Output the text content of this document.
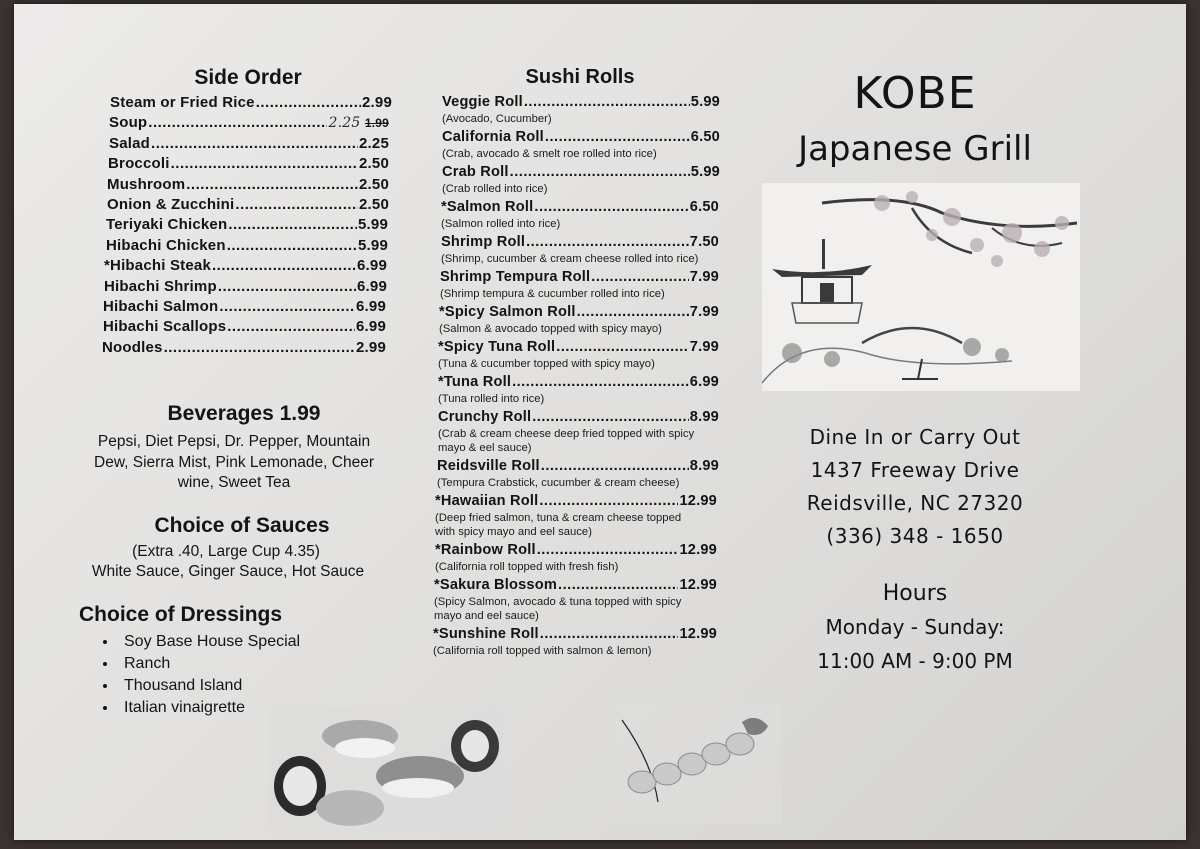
Side Order
Steam or Fried Rice .....	2.99
Soup .....	2.25 1.99
Salad .....	2.25
Broccoli .....	2.50
Mushroom .....	2.50
Onion & Zucchini .....	2.50
Teriyaki Chicken .....	5.99
Hibachi Chicken .....	5.99
*Hibachi Steak .....	6.99
Hibachi Shrimp .....	6.99
Hibachi Salmon .....	6.99
Hibachi Scallops .....	6.99
Noodles .....	2.99
Beverages 1.99
Pepsi, Diet Pepsi, Dr. Pepper, Mountain Dew, Sierra Mist, Pink Lemonade, Cheer wine, Sweet Tea
Choice of Sauces
(Extra .40, Large Cup 4.35)
White Sauce, Ginger Sauce, Hot Sauce
Choice of Dressings
• Soy Base House Special
• Ranch
• Thousand Island
• Italian vinaigrette
Sushi Rolls
Veggie Roll .....	5.99
(Avocado, Cucumber)
California Roll .....	6.50
(Crab, avocado & smelt roe rolled into rice)
Crab Roll .....	5.99
(Crab rolled into rice)
*Salmon Roll .....	6.50
(Salmon rolled into rice)
Shrimp Roll .....	7.50
(Shrimp, cucumber & cream cheese rolled into rice)
Shrimp Tempura Roll .....	7.99
(Shrimp tempura & cucumber rolled into rice)
*Spicy Salmon Roll .....	7.99
(Salmon & avocado topped with spicy mayo)
*Spicy Tuna Roll .....	7.99
(Tuna & cucumber topped with spicy mayo)
*Tuna Roll .....	6.99
(Tuna rolled into rice)
Crunchy Roll .....	8.99
(Crab & cream cheese deep fried topped with spicy mayo & eel sauce)
Reidsville Roll .....	8.99
(Tempura Crabstick, cucumber & cream cheese)
*Hawaiian Roll .....	12.99
(Deep fried salmon, tuna & cream cheese topped with spicy mayo and eel sauce)
*Rainbow Roll .....	12.99
(California roll topped with fresh fish)
*Sakura Blossom .....	12.99
(Spicy Salmon, avocado & tuna topped with spicy mayo and eel sauce)
*Sunshine Roll .....	12.99
(California roll topped with salmon & lemon)
KOBE
Japanese Grill
Dine In or Carry Out
1437 Freeway Drive
Reidsville, NC 27320
(336) 348 - 1650
Hours
Monday - Sunday:
11:00 AM - 9:00 PM
